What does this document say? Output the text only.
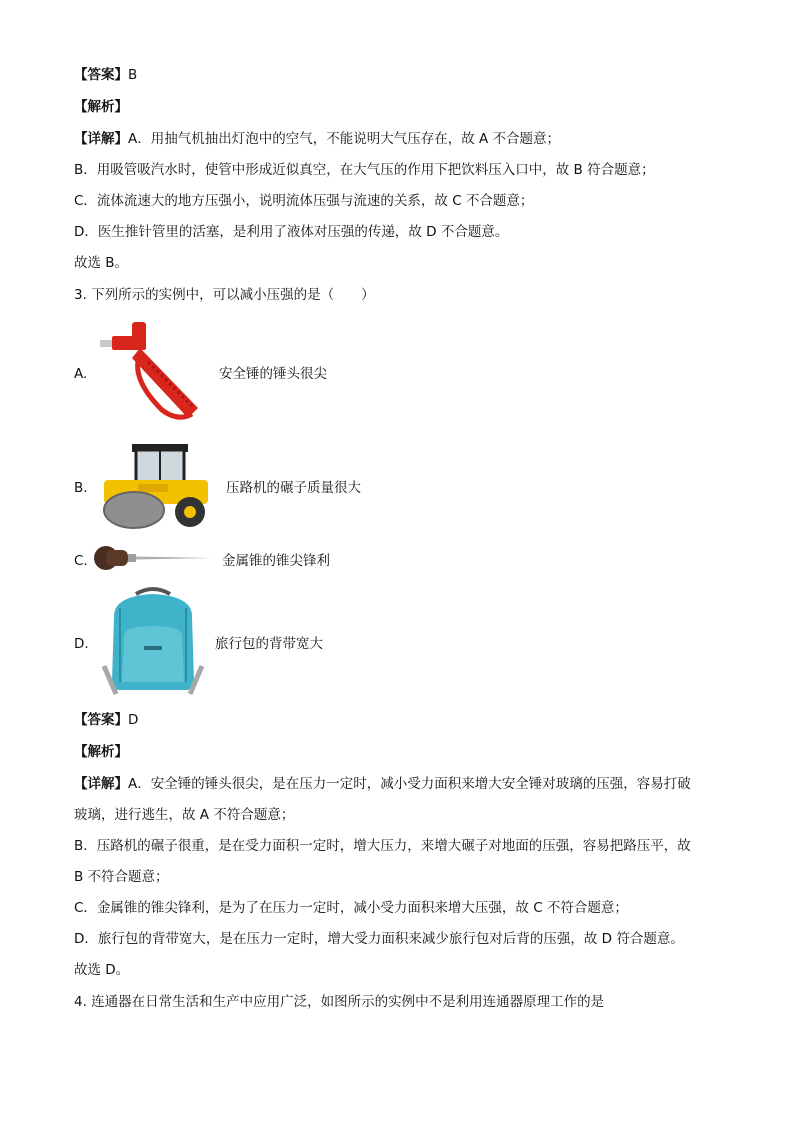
【答案】B
【解析】
【详解】A．用抽气机抽出灯泡中的空气，不能说明大气压存在，故 A 不合题意；
B．用吸管吸汽水时，使管中形成近似真空，在大气压的作用下把饮料压入口中，故 B 符合题意；
C．流体流速大的地方压强小，说明流体压强与流速的关系，故 C 不合题意；
D．医生推针管里的活塞，是利用了液体对压强的传递，故 D 不合题意。
故选 B。
3. 下列所示的实例中，可以减小压强的是（　　）
A.	安全锤的锤头很尖
B.	压路机的碾子质量很大
C.	金属锥的锥尖锋利
D.	旅行包的背带宽大
【答案】D
【解析】
【详解】A．安全锤的锤头很尖，是在压力一定时，减小受力面积来增大安全锤对玻璃的压强，容易打破
玻璃，进行逃生，故 A 不符合题意；
B．压路机的碾子很重，是在受力面积一定时，增大压力，来增大碾子对地面的压强，容易把路压平，故
B 不符合题意；
C．金属锥的锥尖锋利，是为了在压力一定时，减小受力面积来增大压强，故 C 不符合题意；
D．旅行包的背带宽大，是在压力一定时，增大受力面积来减少旅行包对后背的压强，故 D 符合题意。
故选 D。
4. 连通器在日常生活和生产中应用广泛，如图所示的实例中不是利用连通器原理工作的是
